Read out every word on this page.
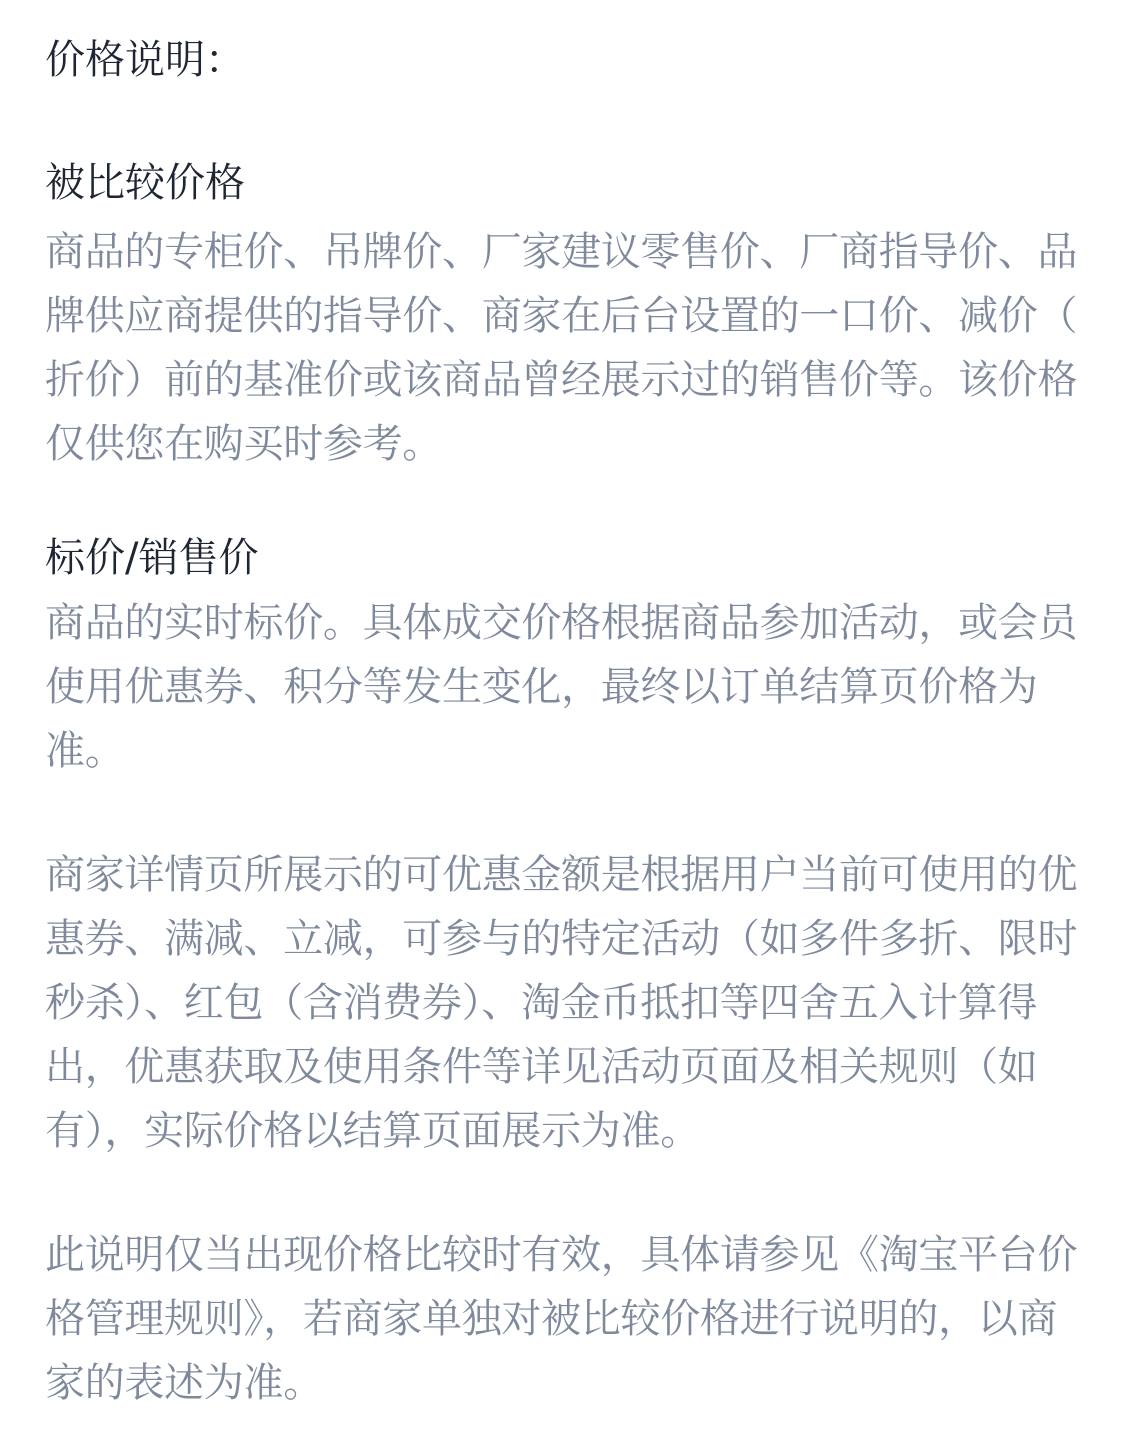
价格说明：
被比较价格
商品的专柜价、吊牌价、厂家建议零售价、厂商指导价、品
牌供应商提供的指导价、商家在后台设置的一口价、减价（
折价）前的基准价或该商品曾经展示过的销售价等。该价格
仅供您在购买时参考。
标价/销售价
商品的实时标价。具体成交价格根据商品参加活动，或会员
使用优惠券、积分等发生变化，最终以订单结算页价格为
准。
商家详情页所展示的可优惠金额是根据用户当前可使用的优
惠券、满减、立减，可参与的特定活动（如多件多折、限时
秒杀）、红包（含消费券）、淘金币抵扣等四舍五入计算得
出，优惠获取及使用条件等详见活动页面及相关规则（如
有），实际价格以结算页面展示为准。
此说明仅当出现价格比较时有效，具体请参见《淘宝平台价
格管理规则》，若商家单独对被比较价格进行说明的，以商
家的表述为准。
